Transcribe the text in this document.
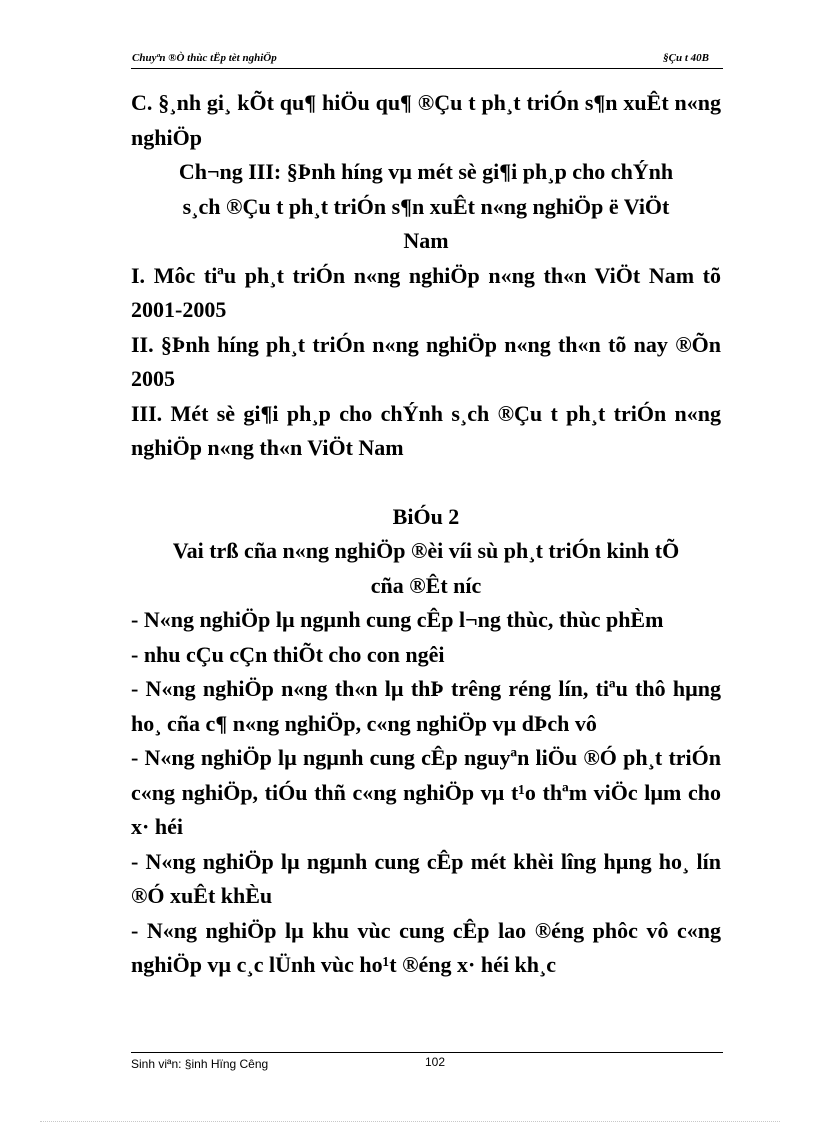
Chuyªn ®Ò thùc tËp tèt nghiÖp	§Çu t 40B

C. §¸nh gi¸ kÕt qu¶ hiÖu qu¶ ®Çu t ph¸t triÓn s¶n xuÊt n«ng nghiÖp

Ch¬ng III: §Þnh híng vµ mét sè gi¶i ph¸p cho chÝnh

s¸ch ®Çu t ph¸t triÓn s¶n xuÊt n«ng nghiÖp ë ViÖt

Nam

I. Môc tiªu ph¸t triÓn n«ng nghiÖp n«ng th«n ViÖt Nam tõ 2001-2005

II. §Þnh híng ph¸t triÓn n«ng nghiÖp n«ng th«n tõ nay ®Õn 2005

III. Mét sè gi¶i ph¸p cho chÝnh s¸ch ®Çu t ph¸t triÓn n«ng nghiÖp n«ng th«n ViÖt Nam

BiÓu 2

Vai trß cña n«ng nghiÖp ®èi víi sù ph¸t triÓn kinh tÕ

cña ®Êt níc

- N«ng nghiÖp lµ ngµnh cung cÊp l¬ng thùc, thùc phÈm

- nhu cÇu cÇn thiÕt cho con ngêi

- N«ng nghiÖp n«ng th«n lµ thÞ trêng réng lín, tiªu thô hµng ho¸ cña c¶ n«ng nghiÖp, c«ng nghiÖp vµ dÞch vô

- N«ng nghiÖp lµ ngµnh cung cÊp nguyªn liÖu ®Ó ph¸t triÓn c«ng nghiÖp, tiÓu thñ c«ng nghiÖp vµ t¹o thªm viÖc lµm cho x· héi

- N«ng nghiÖp lµ ngµnh cung cÊp mét khèi lîng hµng ho¸ lín ®Ó xuÊt khÈu

- N«ng nghiÖp lµ khu vùc cung cÊp lao ®éng phôc vô c«ng nghiÖp vµ c¸c lÜnh vùc ho¹t ®éng x· héi kh¸c

Sinh viªn: §inh Hïng Cêng	102
